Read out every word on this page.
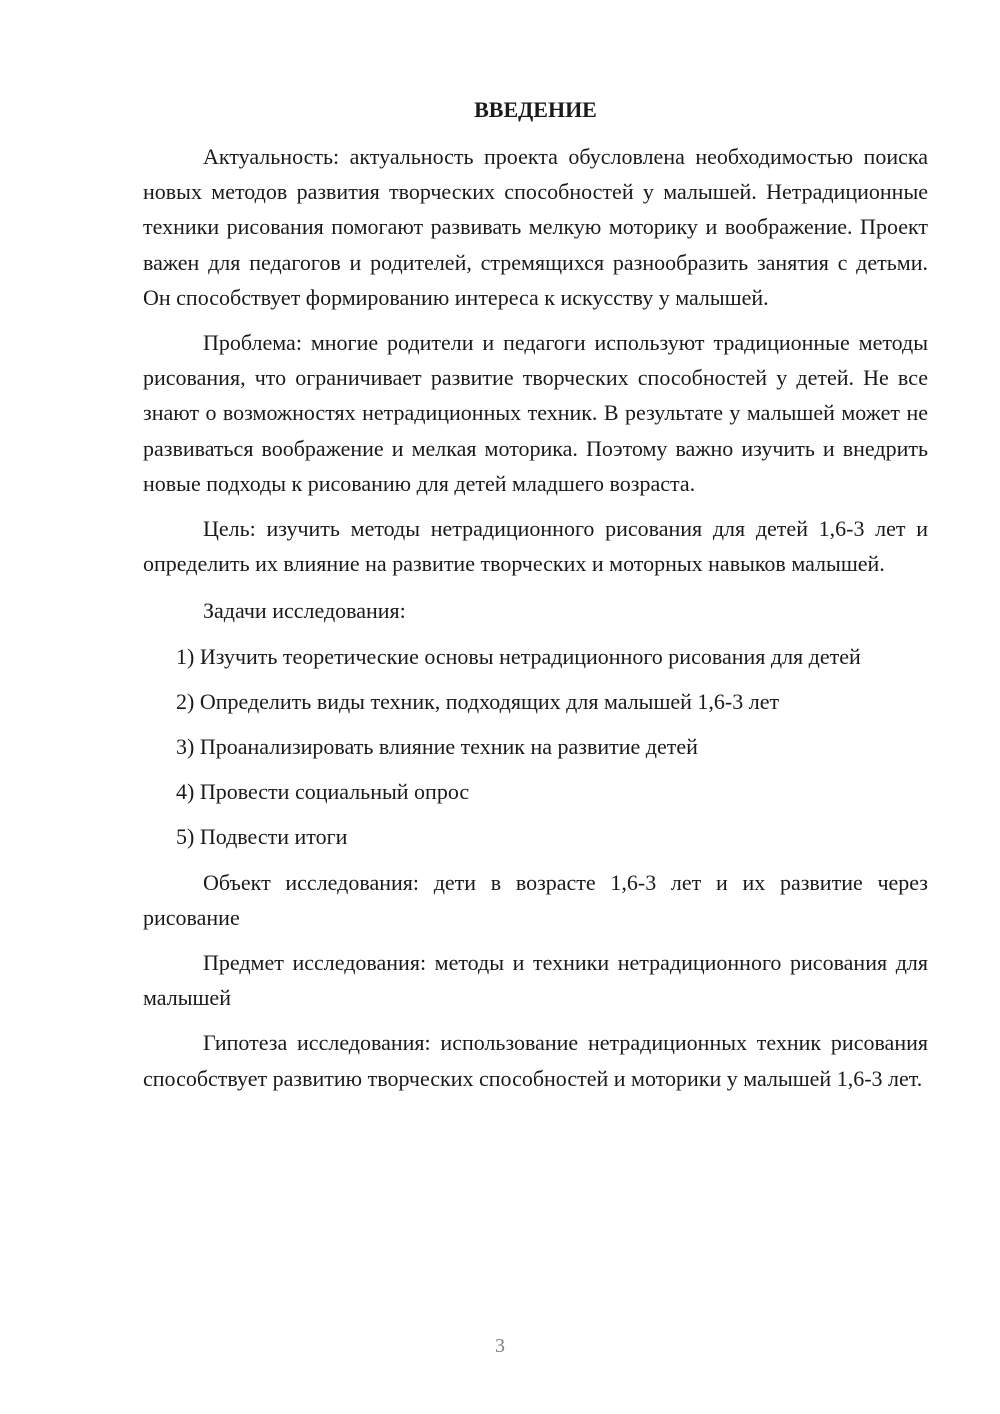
ВВЕДЕНИЕ

Актуальность: актуальность проекта обусловлена необходимостью поиска новых методов развития творческих способностей у малышей. Нетрадиционные техники рисования помогают развивать мелкую моторику и воображение. Проект важен для педагогов и родителей, стремящихся разнообразить занятия с детьми. Он способствует формированию интереса к искусству у малышей.

Проблема: многие родители и педагоги используют традиционные методы рисования, что ограничивает развитие творческих способностей у детей. Не все знают о возможностях нетрадиционных техник. В результате у малышей может не развиваться воображение и мелкая моторика. Поэтому важно изучить и внедрить новые подходы к рисованию для детей младшего возраста.

Цель: изучить методы нетрадиционного рисования для детей 1,6-3 лет и определить их влияние на развитие творческих и моторных навыков малышей.

Задачи исследования:

1) Изучить теоретические основы нетрадиционного рисования для детей

2) Определить виды техник, подходящих для малышей 1,6-3 лет

3) Проанализировать влияние техник на развитие детей

4) Провести социальный опрос

5) Подвести итоги

Объект исследования: дети в возрасте 1,6-3 лет и их развитие через рисование

Предмет исследования: методы и техники нетрадиционного рисования для малышей

Гипотеза исследования: использование нетрадиционных техник рисования способствует развитию творческих способностей и моторики у малышей 1,6-3 лет.

3
